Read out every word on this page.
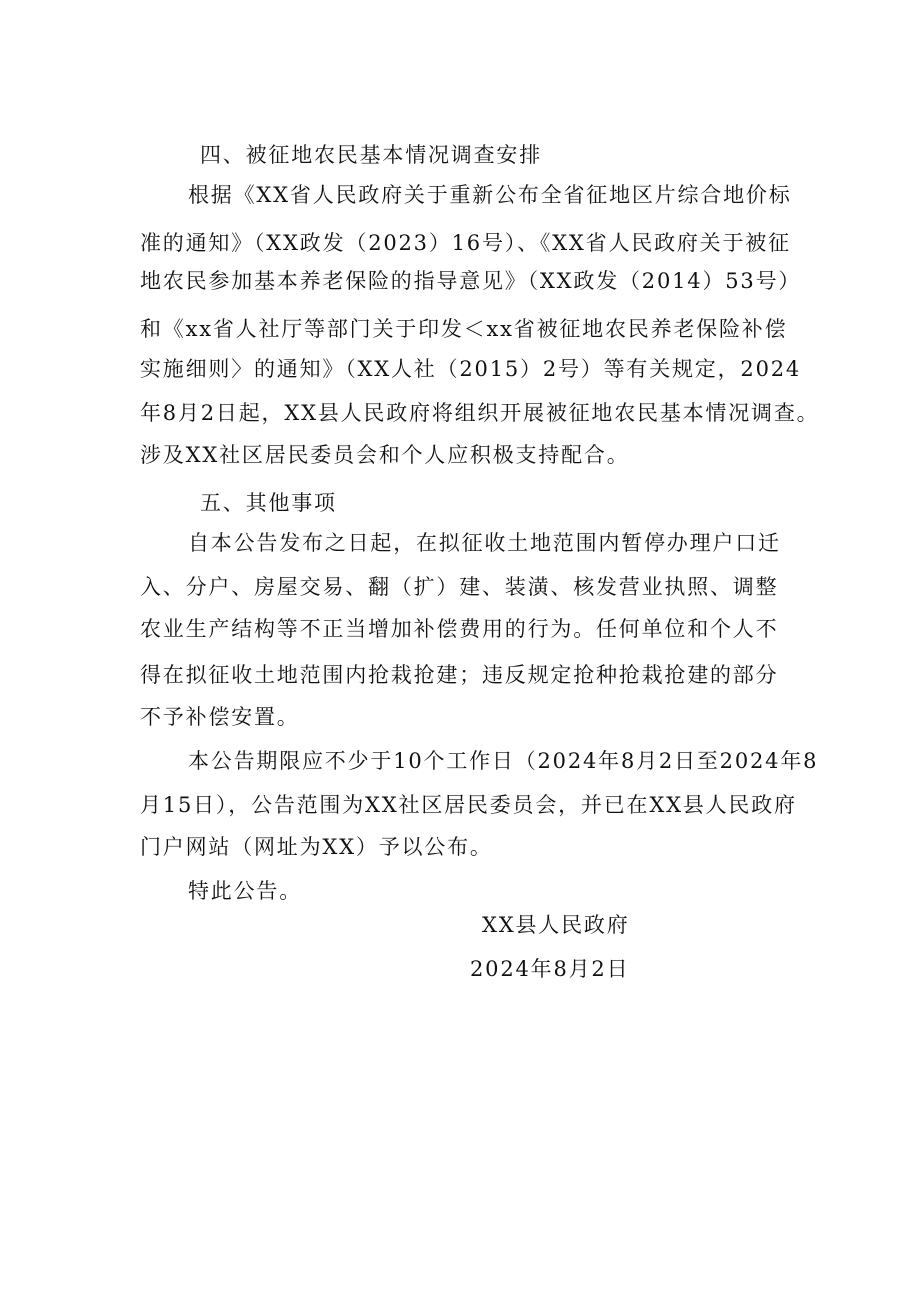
四、被征地农民基本情况调查安排
根据《XX省人民政府关于重新公布全省征地区片综合地价标
准的通知》（XX政发（2023）16号）、《XX省人民政府关于被征
地农民参加基本养老保险的指导意见》（XX政发（2014）53号）
和《xx省人社厅等部门关于印发＜xx省被征地农民养老保险补偿
实施细则〉的通知》（XX人社（2015）2号）等有关规定，2024
年8月2日起，XX县人民政府将组织开展被征地农民基本情况调查。
涉及XX社区居民委员会和个人应积极支持配合。
五、其他事项
自本公告发布之日起，在拟征收土地范围内暂停办理户口迁
入、分户、房屋交易、翻（扩）建、装潢、核发营业执照、调整
农业生产结构等不正当增加补偿费用的行为。任何单位和个人不
得在拟征收土地范围内抢栽抢建；违反规定抢种抢栽抢建的部分
不予补偿安置。
本公告期限应不少于10个工作日（2024年8月2日至2024年8
月15日），公告范围为XX社区居民委员会，并已在XX县人民政府
门户网站（网址为XX）予以公布。
特此公告。
XX县人民政府
2024年8月2日
